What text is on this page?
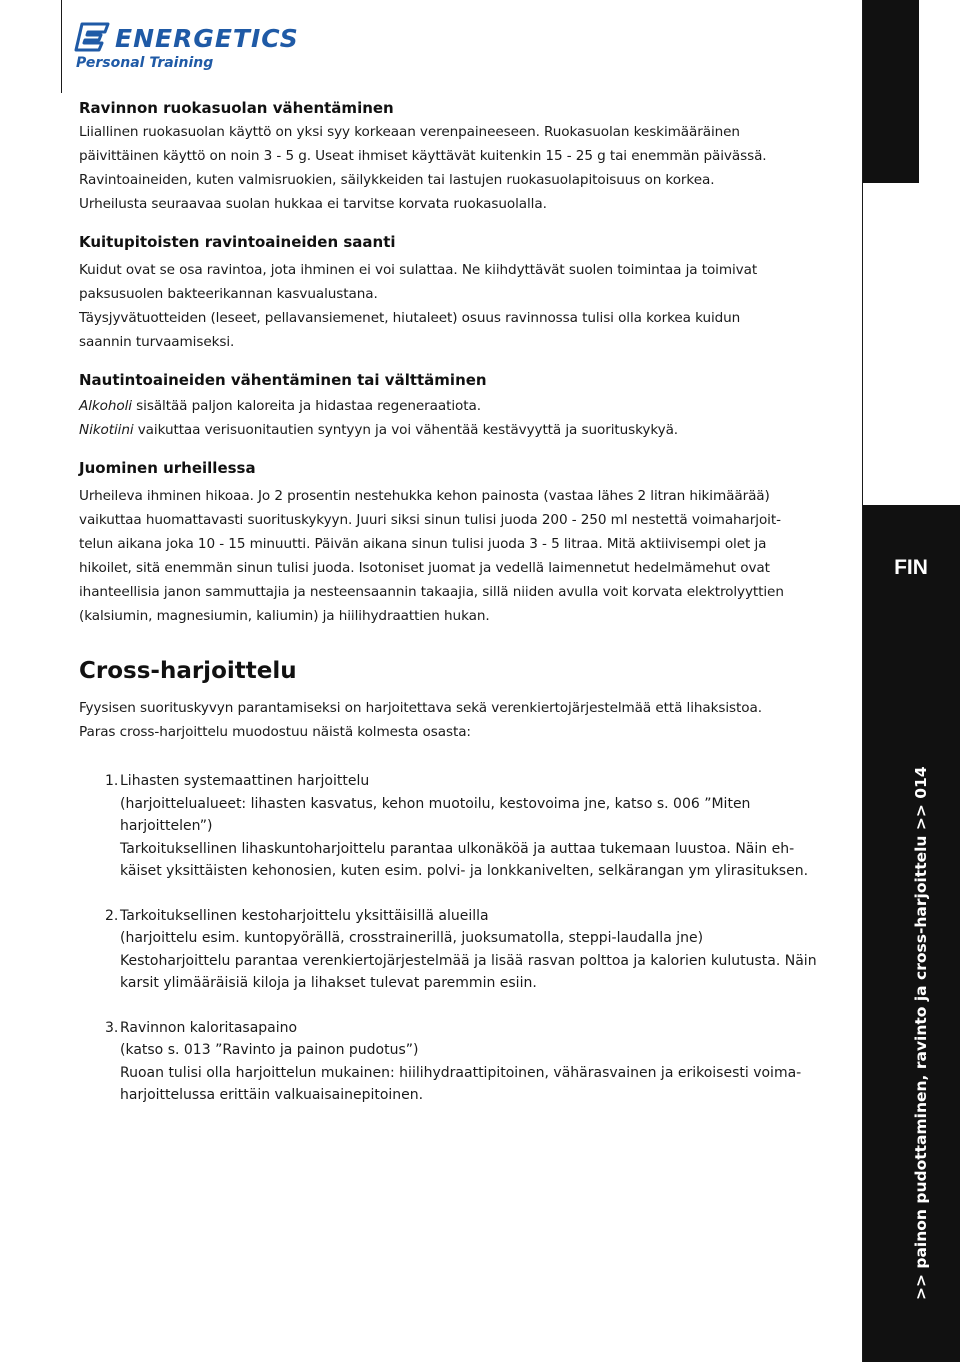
ENERGETICS
Personal Training
FIN
>> painon pudottaminen, ravinto ja cross-harjoittelu >> 014
Ravinnon ruokasuolan vähentäminen
Liiallinen ruokasuolan käyttö on yksi syy korkeaan verenpaineeseen. Ruokasuolan keskimääräinen
päivittäinen käyttö on noin 3 - 5 g. Useat ihmiset käyttävät kuitenkin 15 - 25 g tai enemmän päivässä.
Ravintoaineiden, kuten valmisruokien, säilykkeiden tai lastujen ruokasuolapitoisuus on korkea.
Urheilusta seuraavaa suolan hukkaa ei tarvitse korvata ruokasuolalla.
Kuitupitoisten ravintoaineiden saanti
Kuidut ovat se osa ravintoa, jota ihminen ei voi sulattaa. Ne kiihdyttävät suolen toimintaa ja toimivat
paksusuolen bakteerikannan kasvualustana.
Täysjyvätuotteiden (leseet, pellavansiemenet, hiutaleet) osuus ravinnossa tulisi olla korkea kuidun
saannin turvaamiseksi.
Nautintoaineiden vähentäminen tai välttäminen
Alkoholi sisältää paljon kaloreita ja hidastaa regeneraatiota.
Nikotiini vaikuttaa verisuonitautien syntyyn ja voi vähentää kestävyyttä ja suorituskykyä.
Juominen urheillessa
Urheileva ihminen hikoaa. Jo 2 prosentin nestehukka kehon painosta (vastaa lähes 2 litran hikimäärää)
vaikuttaa huomattavasti suorituskykyyn. Juuri siksi sinun tulisi juoda 200 - 250 ml nestettä voimaharjoit-
telun aikana joka 10 - 15 minuutti. Päivän aikana sinun tulisi juoda 3 - 5 litraa. Mitä aktiivisempi olet ja
hikoilet, sitä enemmän sinun tulisi juoda. Isotoniset juomat ja vedellä laimennetut hedelmämehut ovat
ihanteellisia janon sammuttajia ja nesteensaannin takaajia, sillä niiden avulla voit korvata elektrolyyttien
(kalsiumin, magnesiumin, kaliumin) ja hiilihydraattien hukan.
Cross-harjoittelu
Fyysisen suorituskyvyn parantamiseksi on harjoitettava sekä verenkiertojärjestelmää että lihaksistoa.
Paras cross-harjoittelu muodostuu näistä kolmesta osasta:
1. Lihasten systemaattinen harjoittelu
(harjoittelualueet: lihasten kasvatus, kehon muotoilu, kestovoima jne, katso s. 006 ”Miten
harjoittelen”)
Tarkoituksellinen lihaskuntoharjoittelu parantaa ulkonäköä ja auttaa tukemaan luustoa. Näin eh-
käiset yksittäisten kehonosien, kuten esim. polvi- ja lonkkanivelten, selkärangan ym ylirasituksen.
2. Tarkoituksellinen kestoharjoittelu yksittäisillä alueilla
(harjoittelu esim. kuntopyörällä, crosstrainerillä, juoksumatolla, steppi-laudalla jne)
Kestoharjoittelu parantaa verenkiertojärjestelmää ja lisää rasvan polttoa ja kalorien kulutusta. Näin
karsit ylimääräisiä kiloja ja lihakset tulevat paremmin esiin.
3. Ravinnon kaloritasapaino
(katso s. 013 ”Ravinto ja painon pudotus”)
Ruoan tulisi olla harjoittelun mukainen: hiilihydraattipitoinen, vähärasvainen ja erikoisesti voima-
harjoittelussa erittäin valkuaisainepitoinen.
